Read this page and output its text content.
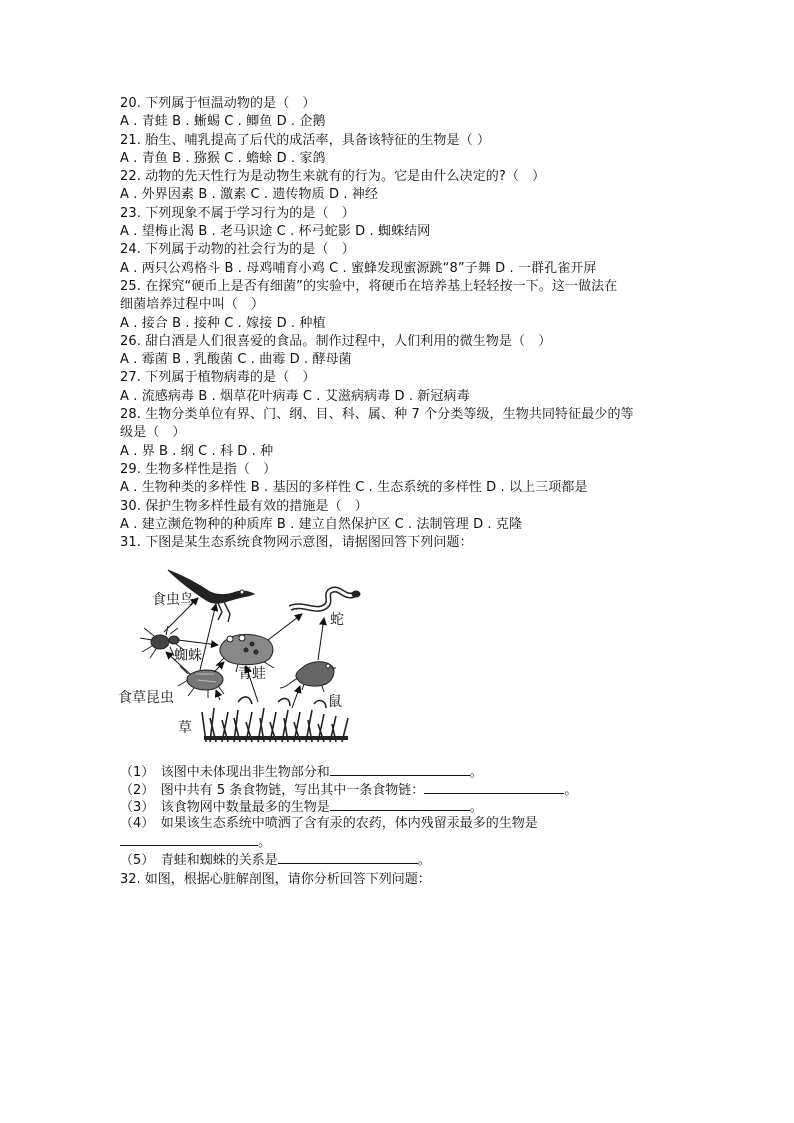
20. 下列属于恒温动物的是（　）
A . 青蛙 B . 蜥蜴 C . 鲫鱼 D . 企鹅
21. 胎生、哺乳提高了后代的成活率，具备该特征的生物是（ ）
A . 青鱼 B . 猕猴 C . 蟾蜍 D . 家鸽
22. 动物的先天性行为是动物生来就有的行为。它是由什么决定的?（　）
A . 外界因素 B . 激素 C . 遗传物质 D . 神经
23. 下列现象不属于学习行为的是（　）
A . 望梅止渴 B . 老马识途 C . 杯弓蛇影 D . 蜘蛛结网
24. 下列属于动物的社会行为的是（　）
A . 两只公鸡格斗 B . 母鸡哺育小鸡 C . 蜜蜂发现蜜源跳“8”子舞 D . 一群孔雀开屏
25. 在探究“硬币上是否有细菌”的实验中，将硬币在培养基上轻轻按一下。这一做法在
细菌培养过程中叫（　）
A . 接合 B . 接种 C . 嫁接 D . 种植
26. 甜白酒是人们很喜爱的食品。制作过程中，人们利用的微生物是（　）
A . 霉菌 B . 乳酸菌 C . 曲霉 D . 酵母菌
27. 下列属于植物病毒的是（　）
A . 流感病毒 B . 烟草花叶病毒 C . 艾滋病病毒 D . 新冠病毒
28. 生物分类单位有界、门、纲、目、科、属、种 7 个分类等级，生物共同特征最少的等
级是（　）
A . 界 B . 纲 C . 科 D . 种
29. 生物多样性是指（　）
A . 生物种类的多样性 B . 基因的多样性 C . 生态系统的多样性 D . 以上三项都是
30. 保护生物多样性最有效的措施是（　）
A . 建立濒危物种的种质库 B . 建立自然保护区 C . 法制管理 D . 克隆
31. 下图是某生态系统食物网示意图，请据图回答下列问题：
食虫鸟
蛇
蜘蛛
青蛙
食草昆虫	鼠
草
（1）　该图中未体现出非生物部分和	。
（2）　图中共有 5 条食物链，写出其中一条食物链：	。
（3）　该食物网中数量最多的生物是	。
（4）　如果该生态系统中喷洒了含有汞的农药，体内残留汞最多的生物是
。
（5）　青蛙和蜘蛛的关系是	。
32. 如图，根据心脏解剖图，请你分析回答下列问题：
